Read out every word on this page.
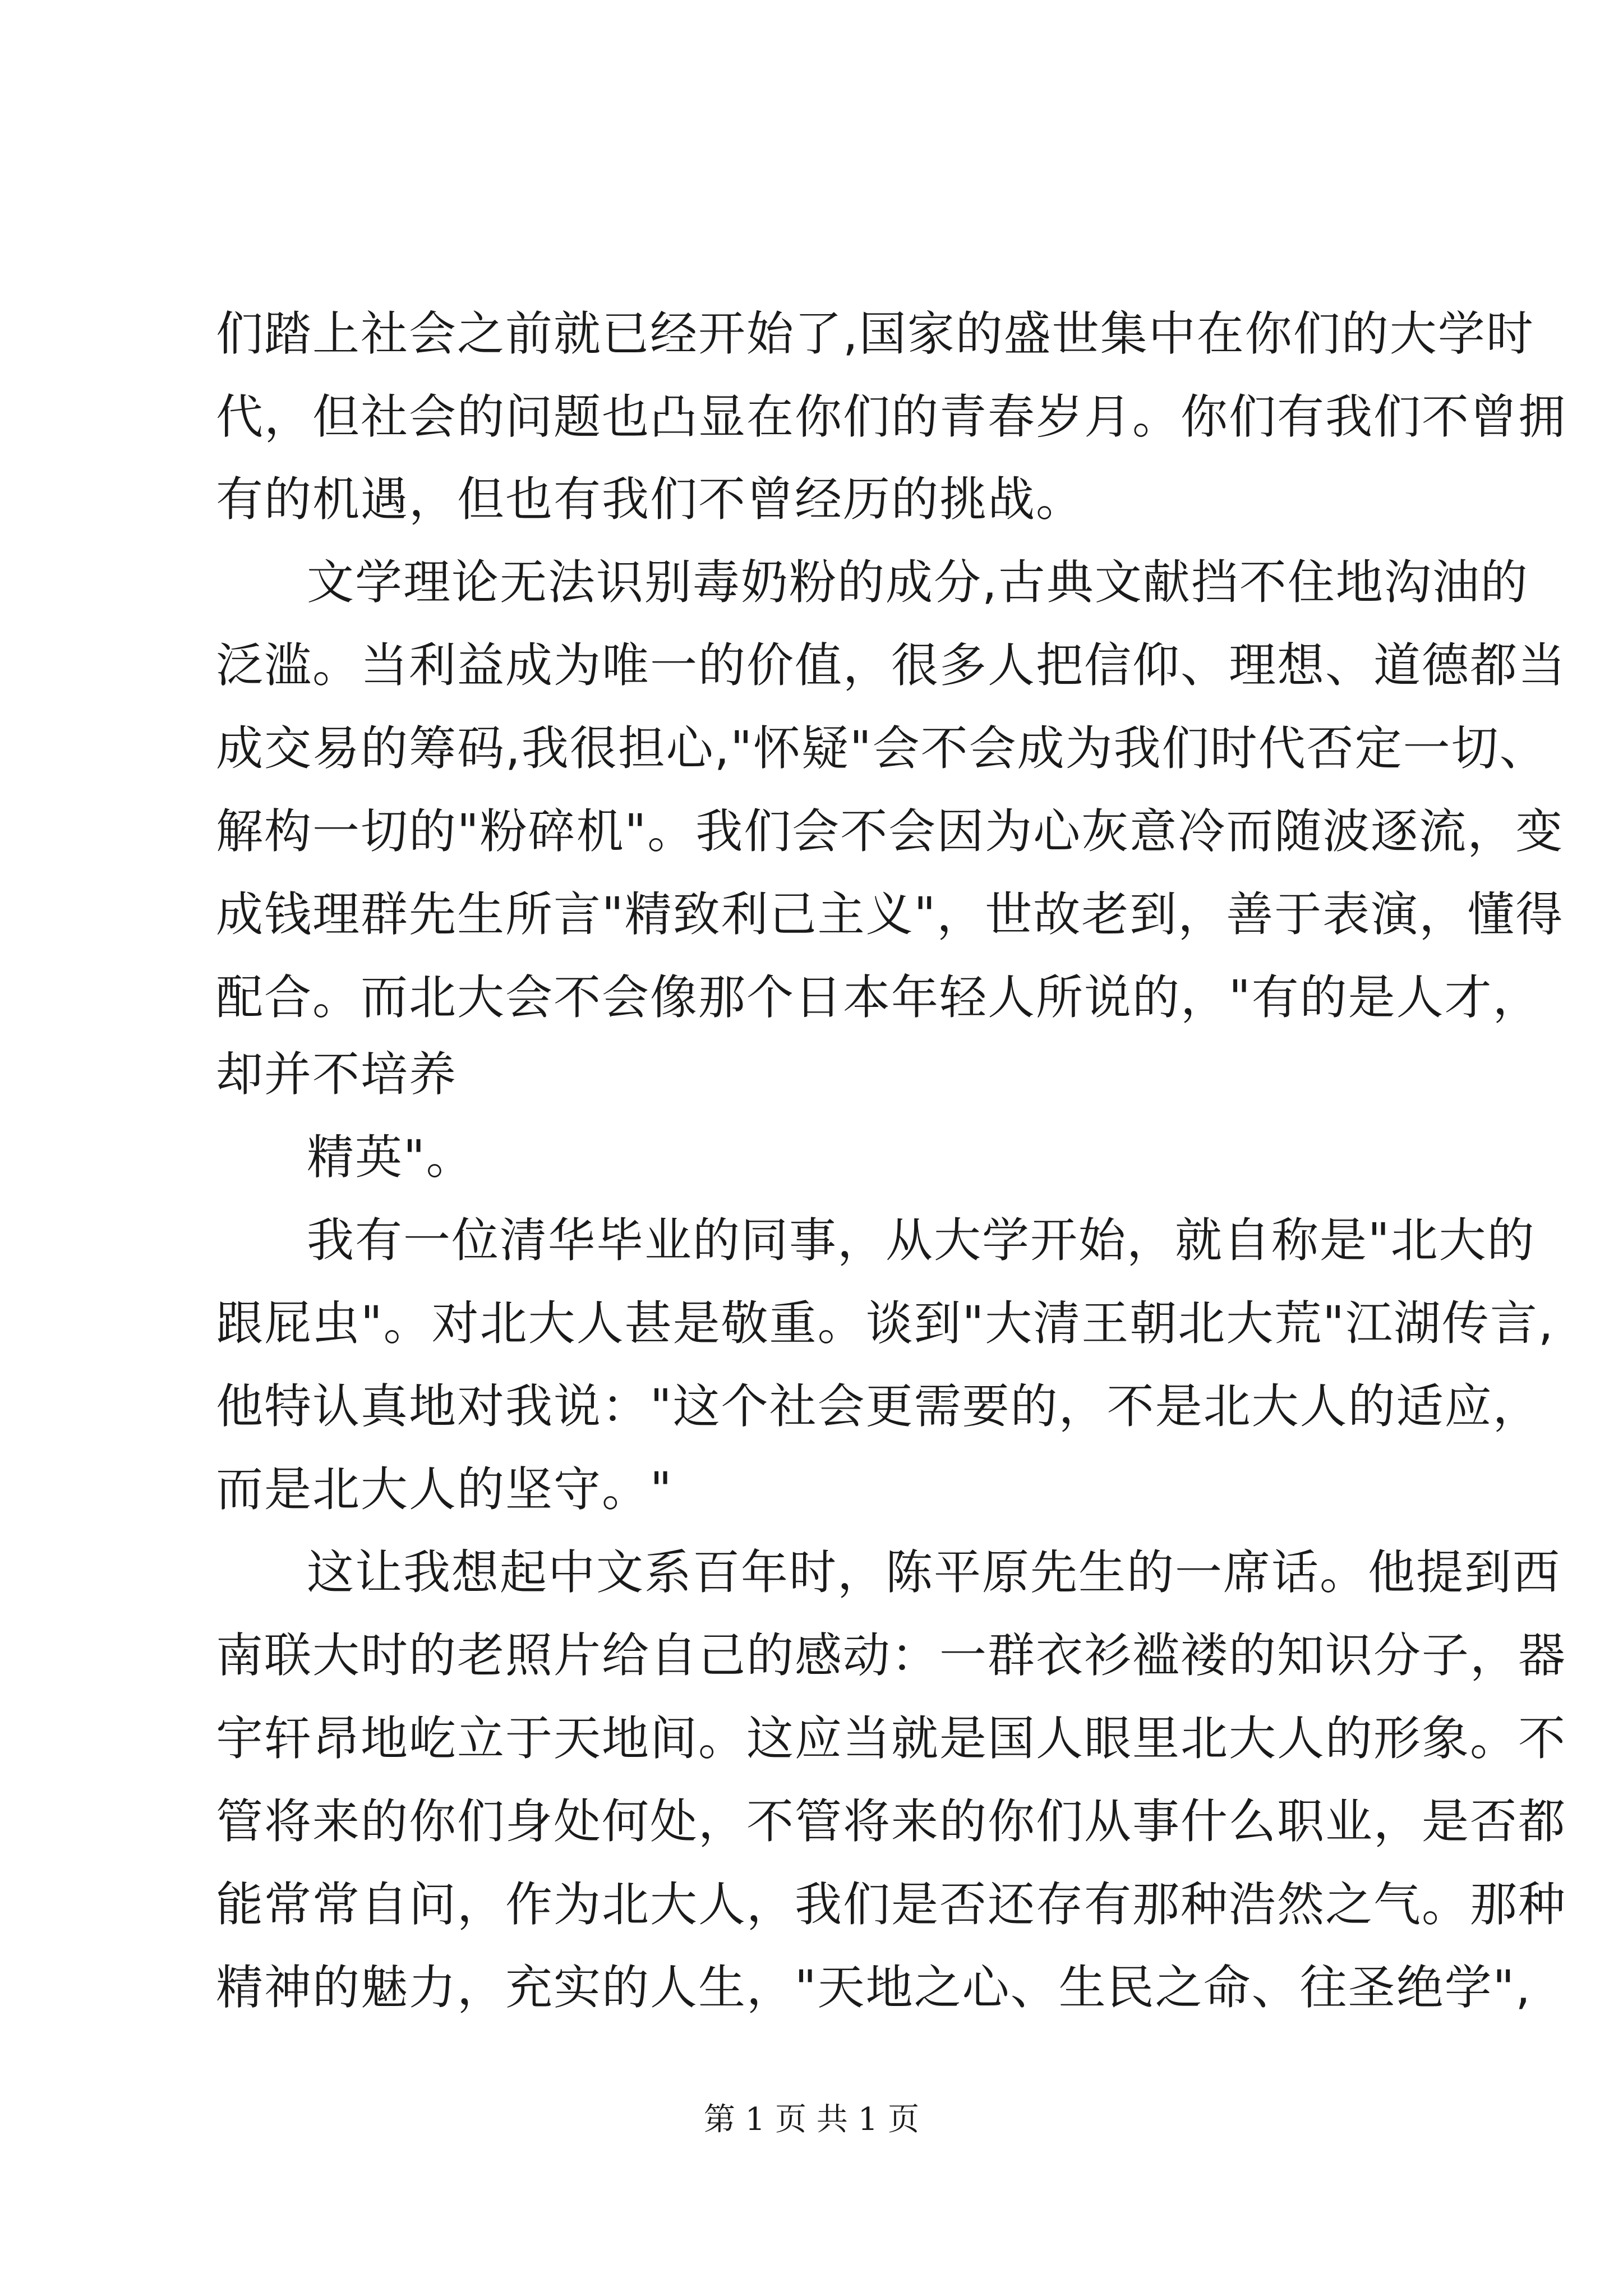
们踏上社会之前就已经开始了,国家的盛世集中在你们的大学时
代，但社会的问题也凸显在你们的青春岁月。你们有我们不曾拥
有的机遇，但也有我们不曾经历的挑战。
文学理论无法识别毒奶粉的成分,古典文献挡不住地沟油的
泛滥。当利益成为唯一的价值，很多人把信仰、理想、道德都当
成交易的筹码,我很担心,"怀疑"会不会成为我们时代否定一切、
解构一切的"粉碎机"。我们会不会因为心灰意冷而随波逐流，变
成钱理群先生所言"精致利己主义"，世故老到，善于表演，懂得
配合。而北大会不会像那个日本年轻人所说的，"有的是人才，
却并不培养
精英"。
我有一位清华毕业的同事，从大学开始，就自称是"北大的
跟屁虫"。对北大人甚是敬重。谈到"大清王朝北大荒"江湖传言,
他特认真地对我说："这个社会更需要的，不是北大人的适应，
而是北大人的坚守。"
这让我想起中文系百年时，陈平原先生的一席话。他提到西
南联大时的老照片给自己的感动：一群衣衫褴褛的知识分子，器
宇轩昂地屹立于天地间。这应当就是国人眼里北大人的形象。不
管将来的你们身处何处，不管将来的你们从事什么职业，是否都
能常常自问，作为北大人，我们是否还存有那种浩然之气。那种
精神的魅力，充实的人生，"天地之心、生民之命、往圣绝学",
第 1 页 共 1 页
